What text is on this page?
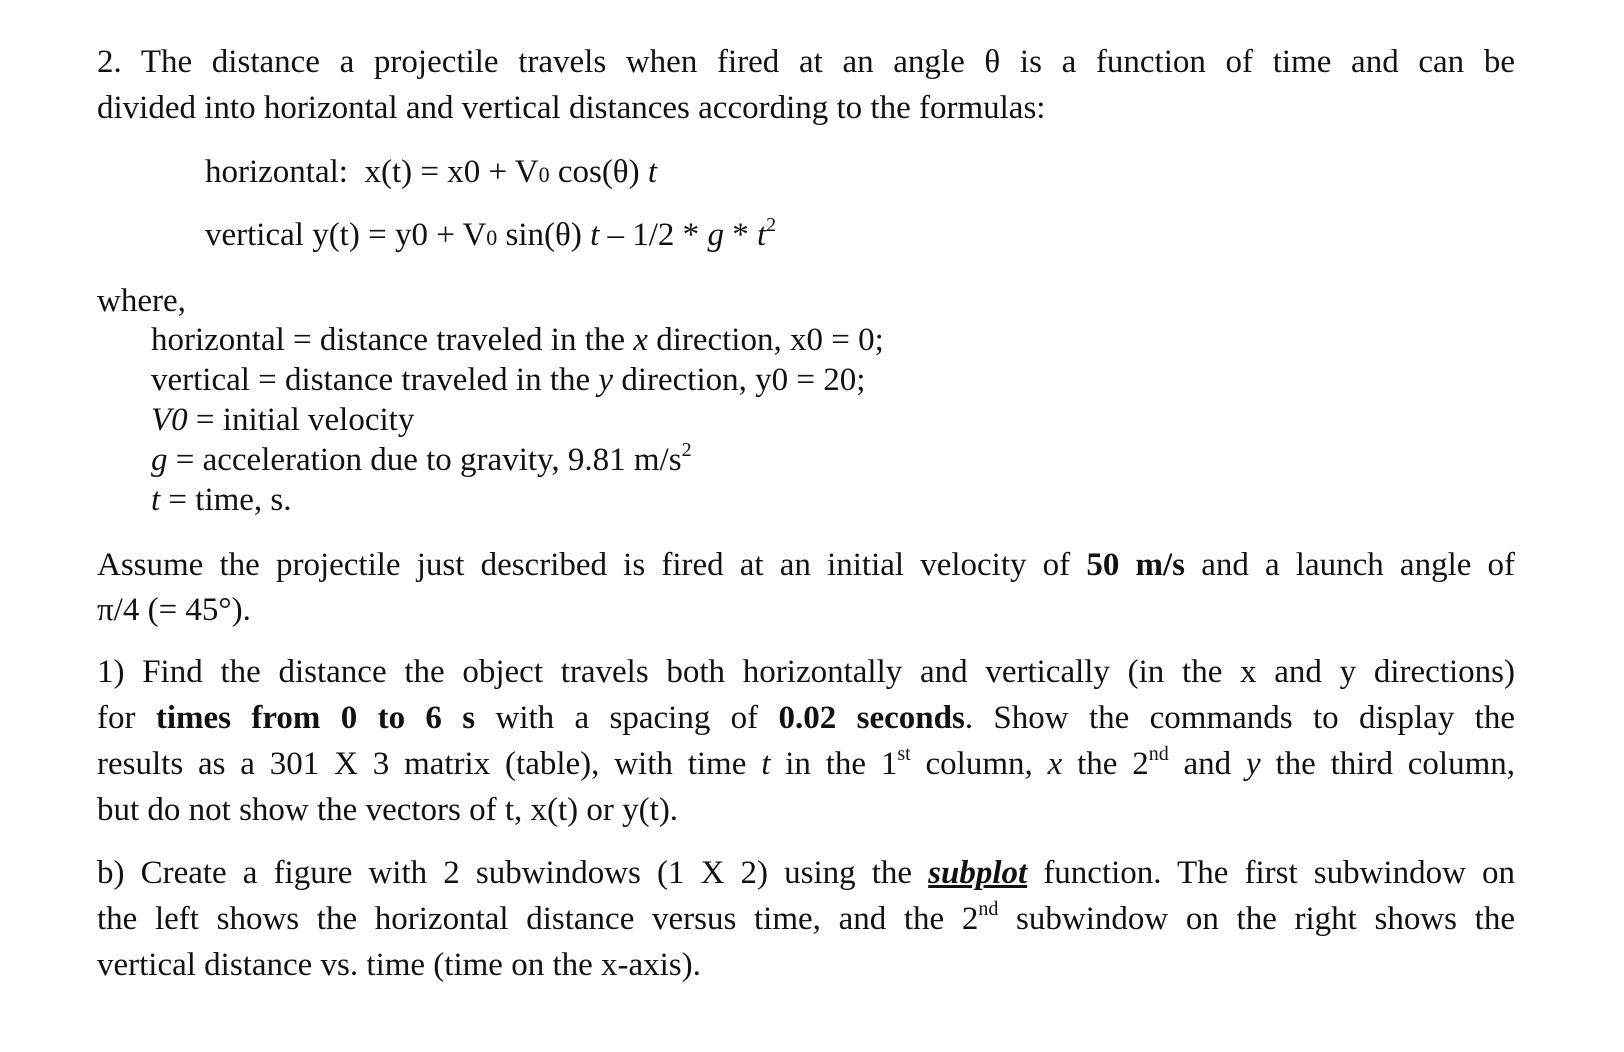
2. The distance a projectile travels when fired at an angle θ is a function of time and can be
divided into horizontal and vertical distances according to the formulas:
horizontal: x(t) = x0 + V0 cos(θ) t
vertical y(t) = y0 + V0 sin(θ) t – 1/2 * g * $t^2$
where,
horizontal = distance traveled in the x direction, x0 = 0;
vertical = distance traveled in the y direction, y0 = 20;
V0 = initial velocity
g = acceleration due to gravity, 9.81 $m/s^2$
t = time, s.
Assume the projectile just described is fired at an initial velocity of 50 m/s and a launch angle of
π/4 (= 45°).
1) Find the distance the object travels both horizontally and vertically (in the x and y directions)
for times from 0 to 6 s with a spacing of 0.02 seconds. Show the commands to display the
results as a 301 X 3 matrix (table), with time t in the 1st column, x the 2nd and y the third column,
but do not show the vectors of t, x(t) or y(t).
b) Create a figure with 2 subwindows (1 X 2) using the subplot function. The first subwindow on
the left shows the horizontal distance versus time, and the 2nd subwindow on the right shows the
vertical distance vs. time (time on the x-axis).
